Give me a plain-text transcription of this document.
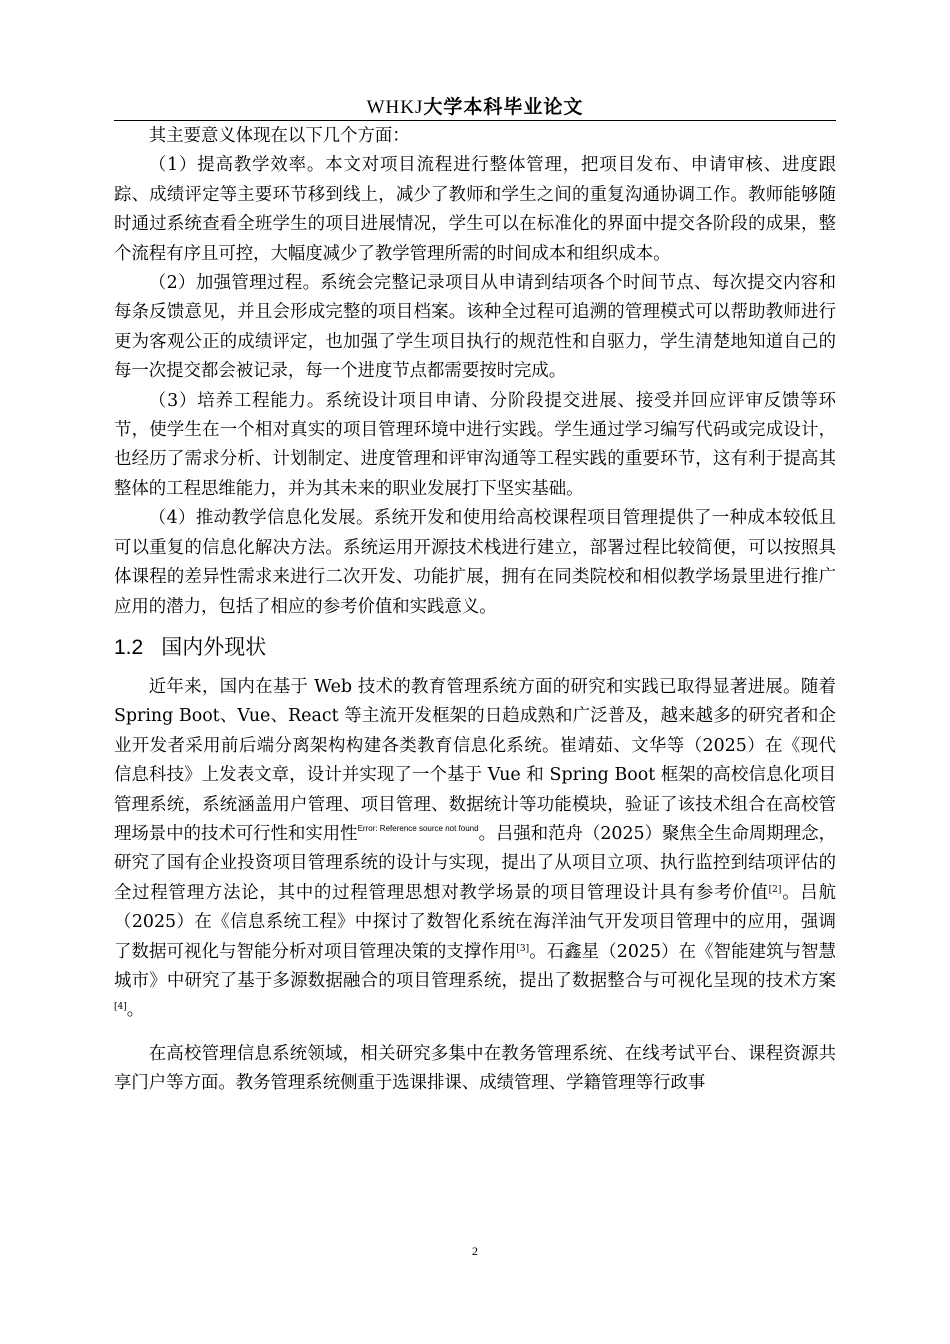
WHKJ大学本科毕业论文

其主要意义体现在以下几个方面：

（1）提高教学效率。本文对项目流程进行整体管理，把项目发布、申请审核、进度跟踪、成绩评定等主要环节移到线上，减少了教师和学生之间的重复沟通协调工作。教师能够随时通过系统查看全班学生的项目进展情况，学生可以在标准化的界面中提交各阶段的成果，整个流程有序且可控，大幅度减少了教学管理所需的时间成本和组织成本。

（2）加强管理过程。系统会完整记录项目从申请到结项各个时间节点、每次提交内容和每条反馈意见，并且会形成完整的项目档案。该种全过程可追溯的管理模式可以帮助教师进行更为客观公正的成绩评定，也加强了学生项目执行的规范性和自驱力，学生清楚地知道自己的每一次提交都会被记录，每一个进度节点都需要按时完成。

（3）培养工程能力。系统设计项目申请、分阶段提交进展、接受并回应评审反馈等环节，使学生在一个相对真实的项目管理环境中进行实践。学生通过学习编写代码或完成设计，也经历了需求分析、计划制定、进度管理和评审沟通等工程实践的重要环节，这有利于提高其整体的工程思维能力，并为其未来的职业发展打下坚实基础。

（4）推动教学信息化发展。系统开发和使用给高校课程项目管理提供了一种成本较低且可以重复的信息化解决方法。系统运用开源技术栈进行建立，部署过程比较简便，可以按照具体课程的差异性需求来进行二次开发、功能扩展，拥有在同类院校和相似教学场景里进行推广应用的潜力，包括了相应的参考价值和实践意义。

1.2 国内外现状

近年来，国内在基于 Web 技术的教育管理系统方面的研究和实践已取得显著进展。随着 Spring Boot、Vue、React 等主流开发框架的日趋成熟和广泛普及，越来越多的研究者和企业开发者采用前后端分离架构构建各类教育信息化系统。崔靖茹、文华等（2025）在《现代信息科技》上发表文章，设计并实现了一个基于 Vue 和 Spring Boot 框架的高校信息化项目管理系统，系统涵盖用户管理、项目管理、数据统计等功能模块，验证了该技术组合在高校管理场景中的技术可行性和实用性$^{Error: Reference source not found}$。吕强和范舟（2025）聚焦全生命周期理念，研究了国有企业投资项目管理系统的设计与实现，提出了从项目立项、执行监控到结项评估的全过程管理方法论，其中的过程管理思想对教学场景的项目管理设计具有参考价值[2]。吕航（2025）在《信息系统工程》中探讨了数智化系统在海洋油气开发项目管理中的应用，强调了数据可视化与智能分析对项目管理决策的支撑作用[3]。石鑫星（2025）在《智能建筑与智慧城市》中研究了基于多源数据融合的项目管理系统，提出了数据整合与可视化呈现的技术方案[4]。

在高校管理信息系统领域，相关研究多集中在教务管理系统、在线考试平台、课程资源共享门户等方面。教务管理系统侧重于选课排课、成绩管理、学籍管理等行政事

2
